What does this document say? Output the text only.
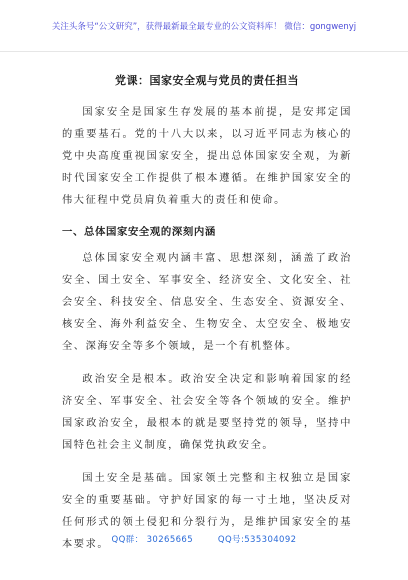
关注头条号“公文研究”，获得最新最全最专业的公文资料库！ 微信：gongwenyj
党课：国家安全观与党员的责任担当

国家安全是国家生存发展的基本前提，是安邦定国的重要基石。党的十八大以来，以习近平同志为核心的党中央高度重视国家安全，提出总体国家安全观，为新时代国家安全工作提供了根本遵循。在维护国家安全的伟大征程中党员肩负着重大的责任和使命。

一、总体国家安全观的深刻内涵

总体国家安全观内涵丰富、思想深刻，涵盖了政治安全、国土安全、军事安全、经济安全、文化安全、社会安全、科技安全、信息安全、生态安全、资源安全、核安全、海外利益安全、生物安全、太空安全、极地安全、深海安全等多个领域，是一个有机整体。

政治安全是根本。政治安全决定和影响着国家的经济安全、军事安全、社会安全等各个领域的安全。维护国家政治安全，最根本的就是要坚持党的领导，坚持中国特色社会主义制度，确保党执政安全。

国土安全是基础。国家领土完整和主权独立是国家安全的重要基础。守护好国家的每一寸土地，坚决反对任何形式的领土侵犯和分裂行为，是维护国家安全的基本要求。 QQ群： 30265665        QQ号:535304092
